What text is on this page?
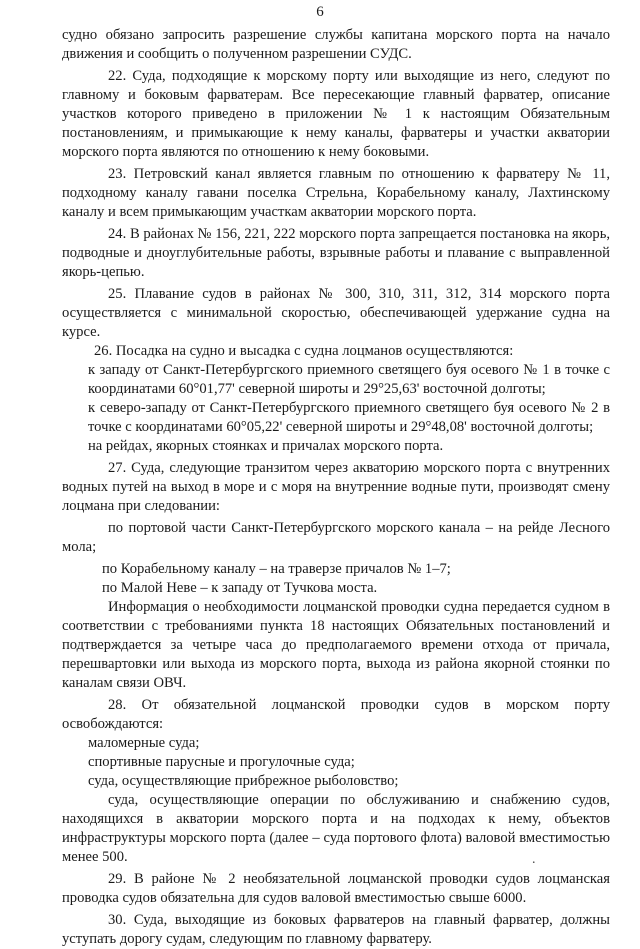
6

судно обязано запросить разрешение службы капитана морского порта на начало движения и сообщить о полученном разрешении СУДС.

22. Суда, подходящие к морскому порту или выходящие из него, следуют по главному и боковым фарватерам. Все пересекающие главный фарватер, описание участков которого приведено в приложении № 1 к настоящим Обязательным постановлениям, и примыкающие к нему каналы, фарватеры и участки акватории морского порта являются по отношению к нему боковыми.

23. Петровский канал является главным по отношению к фарватеру № 11, подходному каналу гавани поселка Стрельна, Корабельному каналу, Лахтинскому каналу и всем примыкающим участкам акватории морского порта.

24. В районах № 156, 221, 222 морского порта запрещается постановка на якорь, подводные и дноуглубительные работы, взрывные работы и плавание с выправленной якорь-цепью.

25. Плавание судов в районах № 300, 310, 311, 312, 314 морского порта осуществляется с минимальной скоростью, обеспечивающей удержание судна на курсе.

26. Посадка на судно и высадка с судна лоцманов осуществляются:

к западу от Санкт-Петербургского приемного светящего буя осевого № 1 в точке с координатами 60°01,77' северной широты и 29°25,63' восточной долготы;

к северо-западу от Санкт-Петербургского приемного светящего буя осевого № 2 в точке с координатами 60°05,22' северной широты и 29°48,08' восточной долготы;

на рейдах, якорных стоянках и причалах морского порта.

27. Суда, следующие транзитом через акваторию морского порта с внутренних водных путей на выход в море и с моря на внутренние водные пути, производят смену лоцмана при следовании:

по портовой части Санкт-Петербургского морского канала – на рейде Лесного мола;

по Корабельному каналу – на траверзе причалов № 1–7;

по Малой Неве – к западу от Тучкова моста.

Информация о необходимости лоцманской проводки судна передается судном в соответствии с требованиями пункта 18 настоящих Обязательных постановлений и подтверждается за четыре часа до предполагаемого времени отхода от причала, перешвартовки или выхода из морского порта, выхода из района якорной стоянки по каналам связи ОВЧ.

28. От обязательной лоцманской проводки судов в морском порту освобождаются:

маломерные суда;

спортивные парусные и прогулочные суда;

суда, осуществляющие прибрежное рыболовство;

суда, осуществляющие операции по обслуживанию и снабжению судов, находящихся в акватории морского порта и на подходах к нему, объектов инфраструктуры морского порта (далее – суда портового флота) валовой вместимостью менее 500.

29. В районе № 2 необязательной лоцманской проводки судов лоцманская проводка судов обязательна для судов валовой вместимостью свыше 6000.

30. Суда, выходящие из боковых фарватеров на главный фарватер, должны уступать дорогу судам, следующим по главному фарватеру.

.
